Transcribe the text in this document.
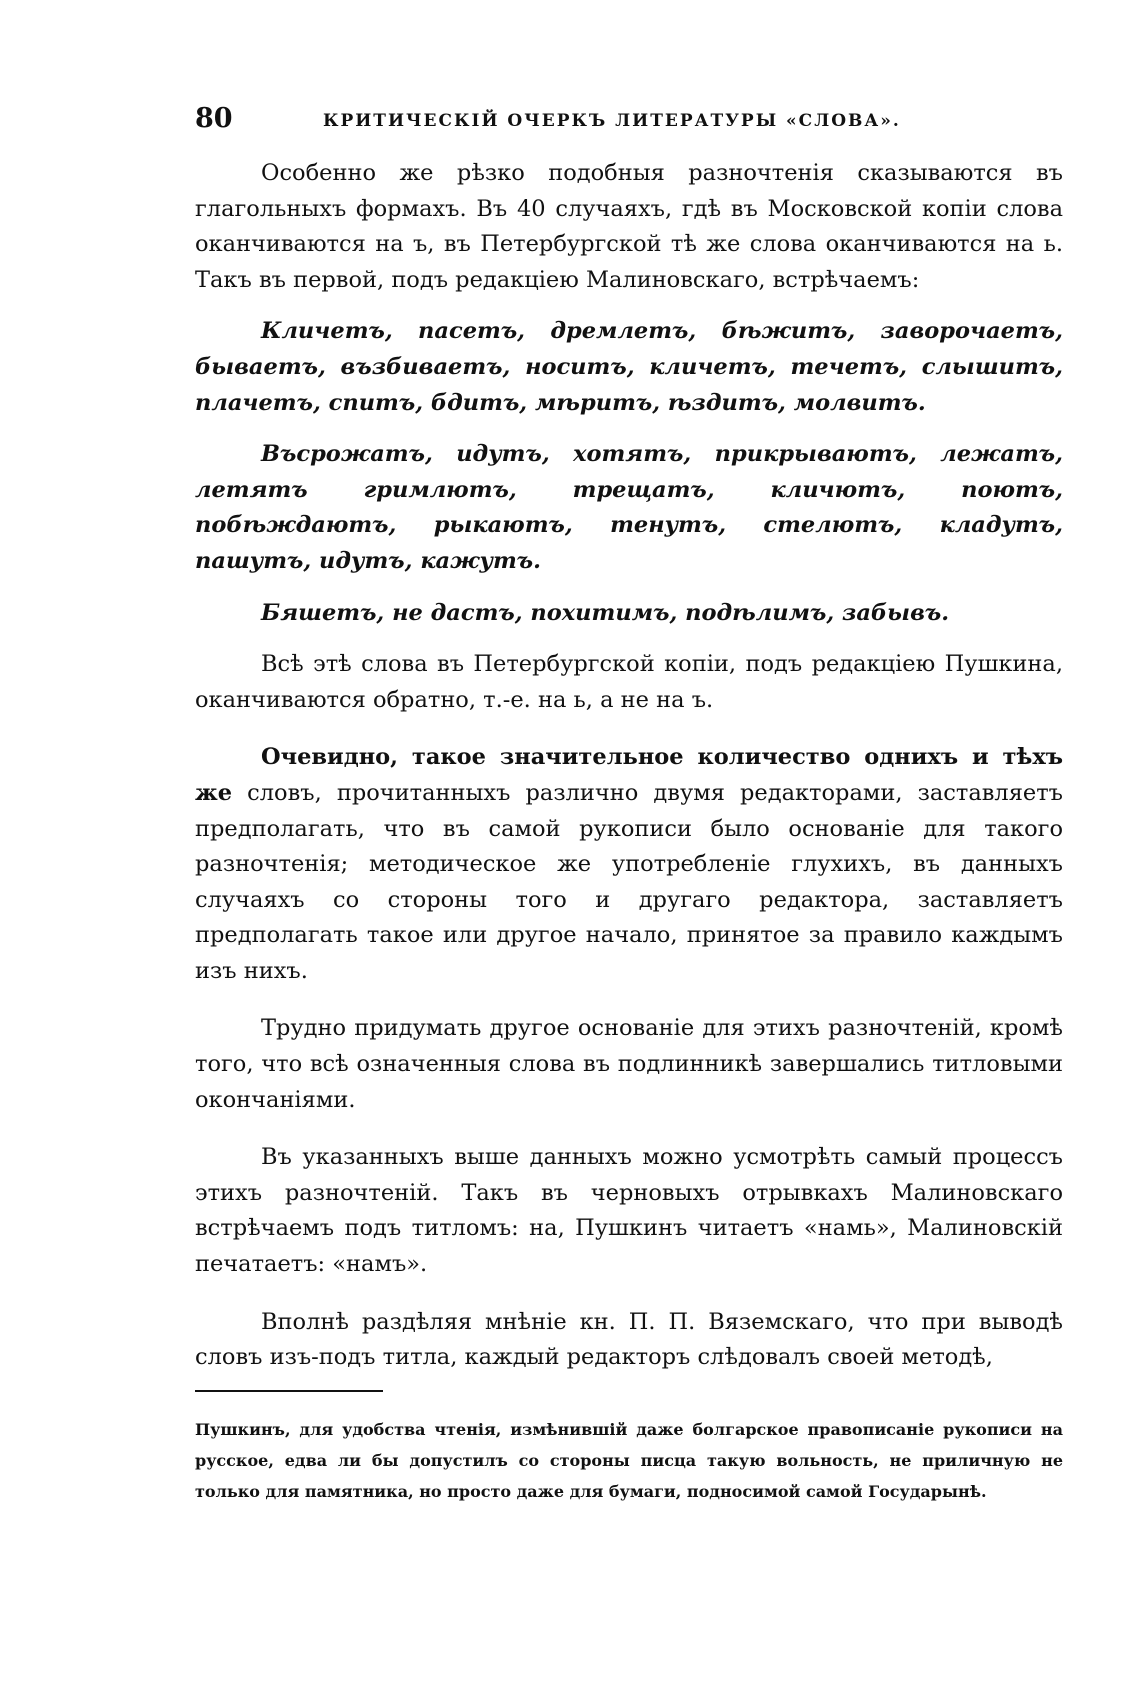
80	КРИТИЧЕСКІЙ ОЧЕРКЪ ЛИТЕРАТУРЫ «СЛОВА».

Особенно же рѣзко подобныя разночтенія сказываются въ глагольныхъ формахъ. Въ 40 случаяхъ, гдѣ въ Московской копіи слова оканчиваются на ъ, въ Петербургской тѣ же слова оканчиваются на ь. Такъ въ первой, подъ редакціею Малиновскаго, встрѣчаемъ:

Кличетъ, пасетъ, дремлетъ, бѣжитъ, заворочаетъ, бываетъ, възбиваетъ, носитъ, кличетъ, течетъ, слышитъ, плачетъ, спитъ, бдитъ, мѣритъ, ѣздитъ, молвитъ.

Въсрожатъ, идутъ, хотятъ, прикрываютъ, лежатъ, летятъ гримлютъ, трещатъ, кличютъ, поютъ, побѣждаютъ, рыкаютъ, тенутъ, стелютъ, кладутъ, пашутъ, идутъ, кажутъ.

Бяшетъ, не дастъ, похитимъ, подѣлимъ, забывъ.

Всѣ этѣ слова въ Петербургской копіи, подъ редакціею Пушкина, оканчиваются обратно, т.-е. на ь, а не на ъ.

Очевидно, такое значительное количество однихъ и тѣхъ же словъ, прочитанныхъ различно двумя редакторами, заставляетъ предполагать, что въ самой рукописи было основаніе для такого разночтенія; методическое же употребленіе глухихъ, въ данныхъ случаяхъ со стороны того и другаго редактора, заставляетъ предполагать такое или другое начало, принятое за правило каждымъ изъ нихъ.

Трудно придумать другое основаніе для этихъ разночтеній, кромѣ того, что всѣ означенныя слова въ подлинникѣ завершались титловыми окончаніями.

Въ указанныхъ выше данныхъ можно усмотрѣть самый процессъ этихъ разночтеній. Такъ въ черновыхъ отрывкахъ Малиновскаго встрѣчаемъ подъ титломъ: на, Пушкинъ читаетъ «намь», Малиновскій печатаетъ: «намъ».

Вполнѣ раздѣляя мнѣніе кн. П. П. Вяземскаго, что при выводѣ словъ изъ-подъ титла, каждый редакторъ слѣдовалъ своей методѣ,

Пушкинъ, для удобства чтенія, измѣнившій даже болгарское правописаніе рукописи на русское, едва ли бы допустилъ со стороны писца такую вольность, не приличную не только для памятника, но просто даже для бумаги, подносимой самой Государынѣ.
